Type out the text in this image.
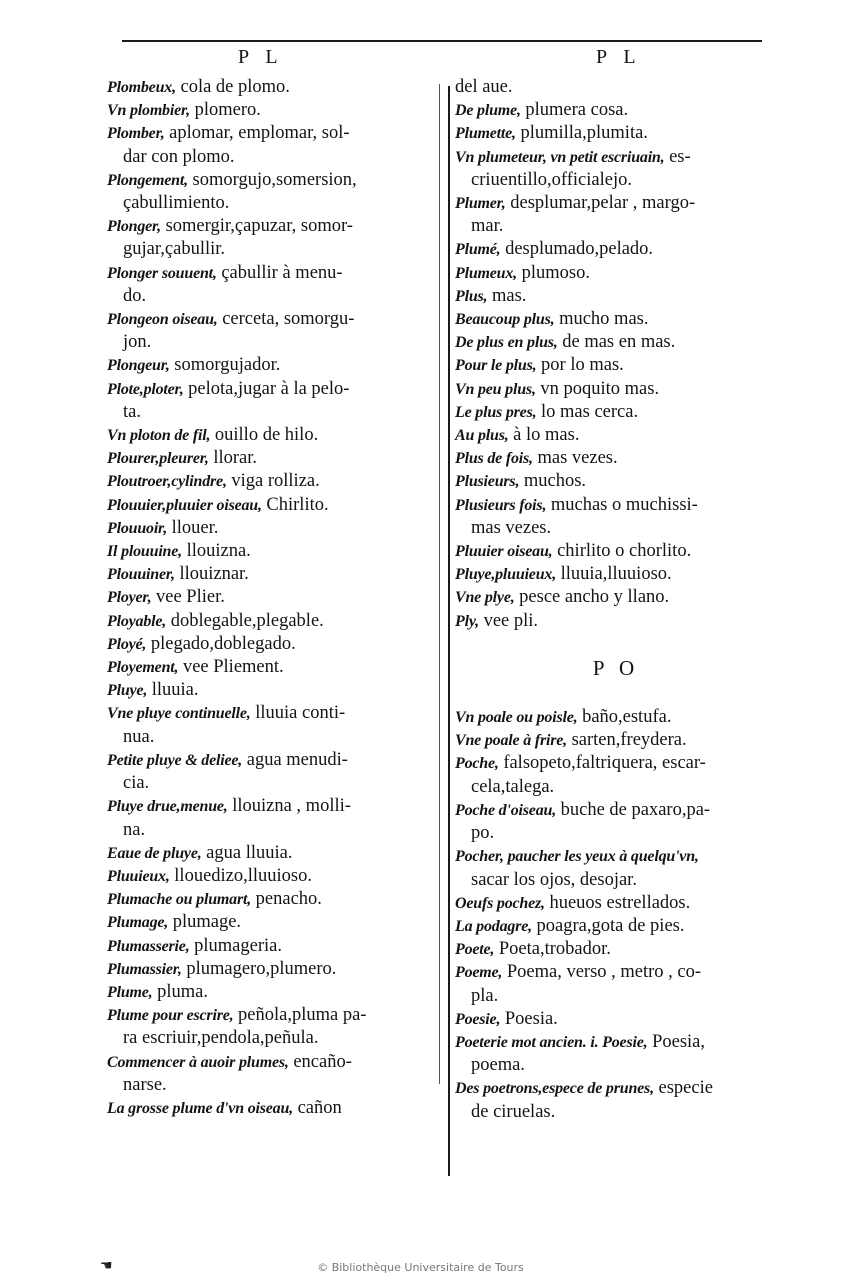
P L	P L
Plombeux, cola de plomo.
Vn plombier, plomero.
Plomber, aplomar, emplomar, sol-
dar con plomo.
Plongement, somorgujo,somersion,
çabullimiento.
Plonger, somergir,çapuzar, somor-
gujar,çabullir.
Plonger souuent, çabullir à menu-
do.
Plongeon oiseau, cerceta, somorgu-
jon.
Plongeur, somorgujador.
Plote,ploter, pelota,jugar à la pelo-
ta.
Vn ploton de fil, ouillo de hilo.
Plourer,pleurer, llorar.
Ploutroer,cylindre, viga rolliza.
Plouuier,pluuier oiseau, Chirlito.
Plouuoir, llouer.
Il plouuine, llouizna.
Plouuiner, llouiznar.
Ployer, vee Plier.
Ployable, doblegable,plegable.
Ployé, plegado,doblegado.
Ployement, vee Pliement.
Pluye, lluuia.
Vne pluye continuelle, lluuia conti-
nua.
Petite pluye & deliee, agua menudi-
cia.
Pluye drue,menue, llouizna , molli-
na.
Eaue de pluye, agua lluuia.
Pluuieux, llouedizo,lluuioso.
Plumache ou plumart, penacho.
Plumage, plumage.
Plumasserie, plumageria.
Plumassier, plumagero,plumero.
Plume, pluma.
Plume pour escrire, peñola,pluma pa-
ra escriuir,pendola,peñula.
Commencer à auoir plumes, encaño-
narse.
La grosse plume d'vn oiseau, cañon
del aue.
De plume, plumera cosa.
Plumette, plumilla,plumita.
Vn plumeteur, vn petit escriuain, es-
criuentillo,officialejo.
Plumer, desplumar,pelar , margo-
mar.
Plumé, desplumado,pelado.
Plumeux, plumoso.
Plus, mas.
Beaucoup plus, mucho mas.
De plus en plus, de mas en mas.
Pour le plus, por lo mas.
Vn peu plus, vn poquito mas.
Le plus pres, lo mas cerca.
Au plus, à lo mas.
Plus de fois, mas vezes.
Plusieurs, muchos.
Plusieurs fois, muchas o muchissi-
mas vezes.
Pluuier oiseau, chirlito o chorlito.
Pluye,pluuieux, lluuia,lluuioso.
Vne plye, pesce ancho y llano.
Ply, vee pli.
P O
Vn poale ou poisle, baño,estufa.
Vne poale à frire, sarten,freydera.
Poche, falsopeto,faltriquera, escar-
cela,talega.
Poche d'oiseau, buche de paxaro,pa-
po.
Pocher, paucher les yeux à quelqu'vn,
sacar los ojos, desojar.
Oeufs pochez, hueuos estrellados.
La podagre, poagra,gota de pies.
Poete, Poeta,trobador.
Poeme, Poema, verso , metro , co-
pla.
Poesie, Poesia.
Poeterie mot ancien. i. Poesie, Poesia,
poema.
Des poetrons,espece de prunes, especie
de ciruelas.
☚	© Bibliothèque Universitaire de Tours
